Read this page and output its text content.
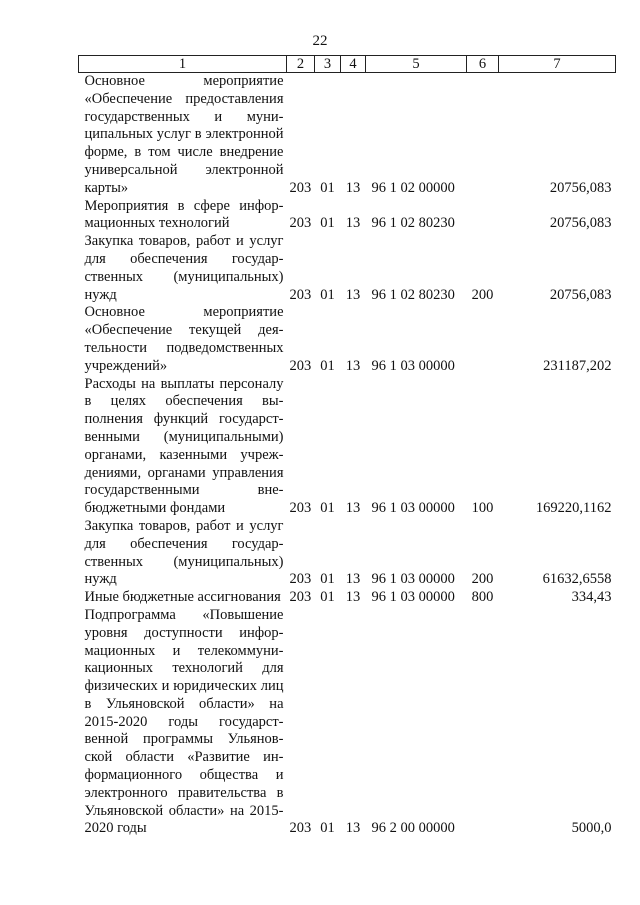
22
1	2	3	4	5	6	7
Основное мероприятие «Обеспечение предоставления государственных и муниципальных услуг в электронной форме, в том числе внедрение универсальной электронной карты»	203	01	13	96 1 02 00000		20756,083
Мероприятия в сфере информационных технологий	203	01	13	96 1 02 80230		20756,083
Закупка товаров, работ и услуг для обеспечения государственных (муниципальных) нужд	203	01	13	96 1 02 80230	200	20756,083
Основное мероприятие «Обеспечение текущей деятельности подведомственных учреждений»	203	01	13	96 1 03 00000		231187,202
Расходы на выплаты персоналу в целях обеспечения выполнения функций государственными (муниципальными) органами, казенными учреждениями, органами управления государственными внебюджетными фондами	203	01	13	96 1 03 00000	100	169220,1162
Закупка товаров, работ и услуг для обеспечения государственных (муниципальных) нужд	203	01	13	96 1 03 00000	200	61632,6558
Иные бюджетные ассигнования	203	01	13	96 1 03 00000	800	334,43
Подпрограмма «Повышение уровня доступности информационных и телекоммуникационных технологий для физических и юридических лиц в Ульяновской области» на 2015-2020 годы государственной программы Ульяновской области «Развитие информационного общества и электронного правительства в Ульяновской области» на 2015-2020 годы	203	01	13	96 2 00 00000		5000,0
